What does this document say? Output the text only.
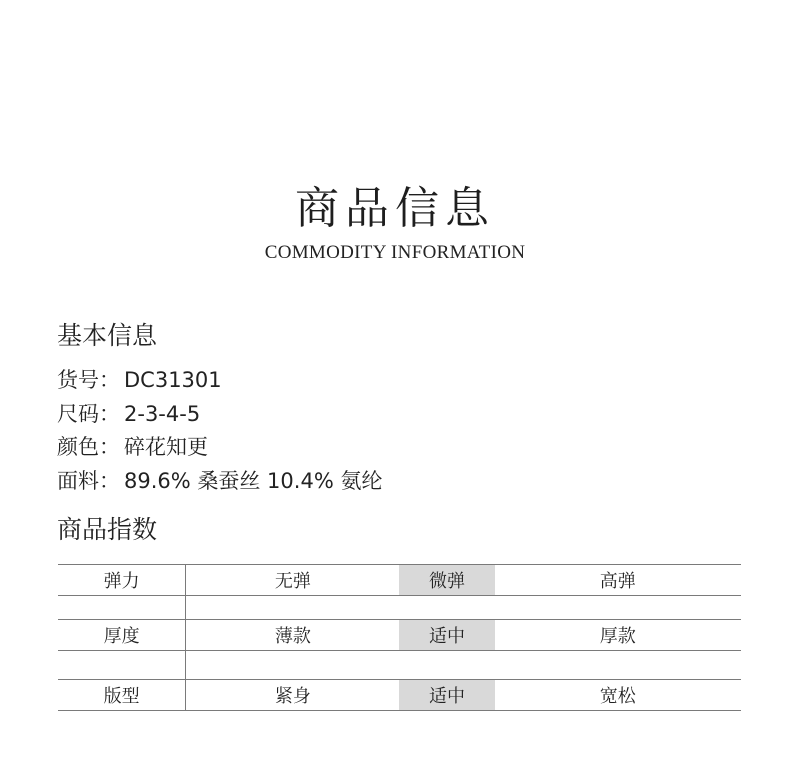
商品信息
COMMODITY INFORMATION
基本信息
货号： DC31301
尺码： 2-3-4-5
颜色： 碎花知更
面料： 89.6% 桑蚕丝 10.4% 氨纶
商品指数
弹力	无弹	微弹	高弹

厚度	薄款	适中	厚款

版型	紧身	适中	宽松
